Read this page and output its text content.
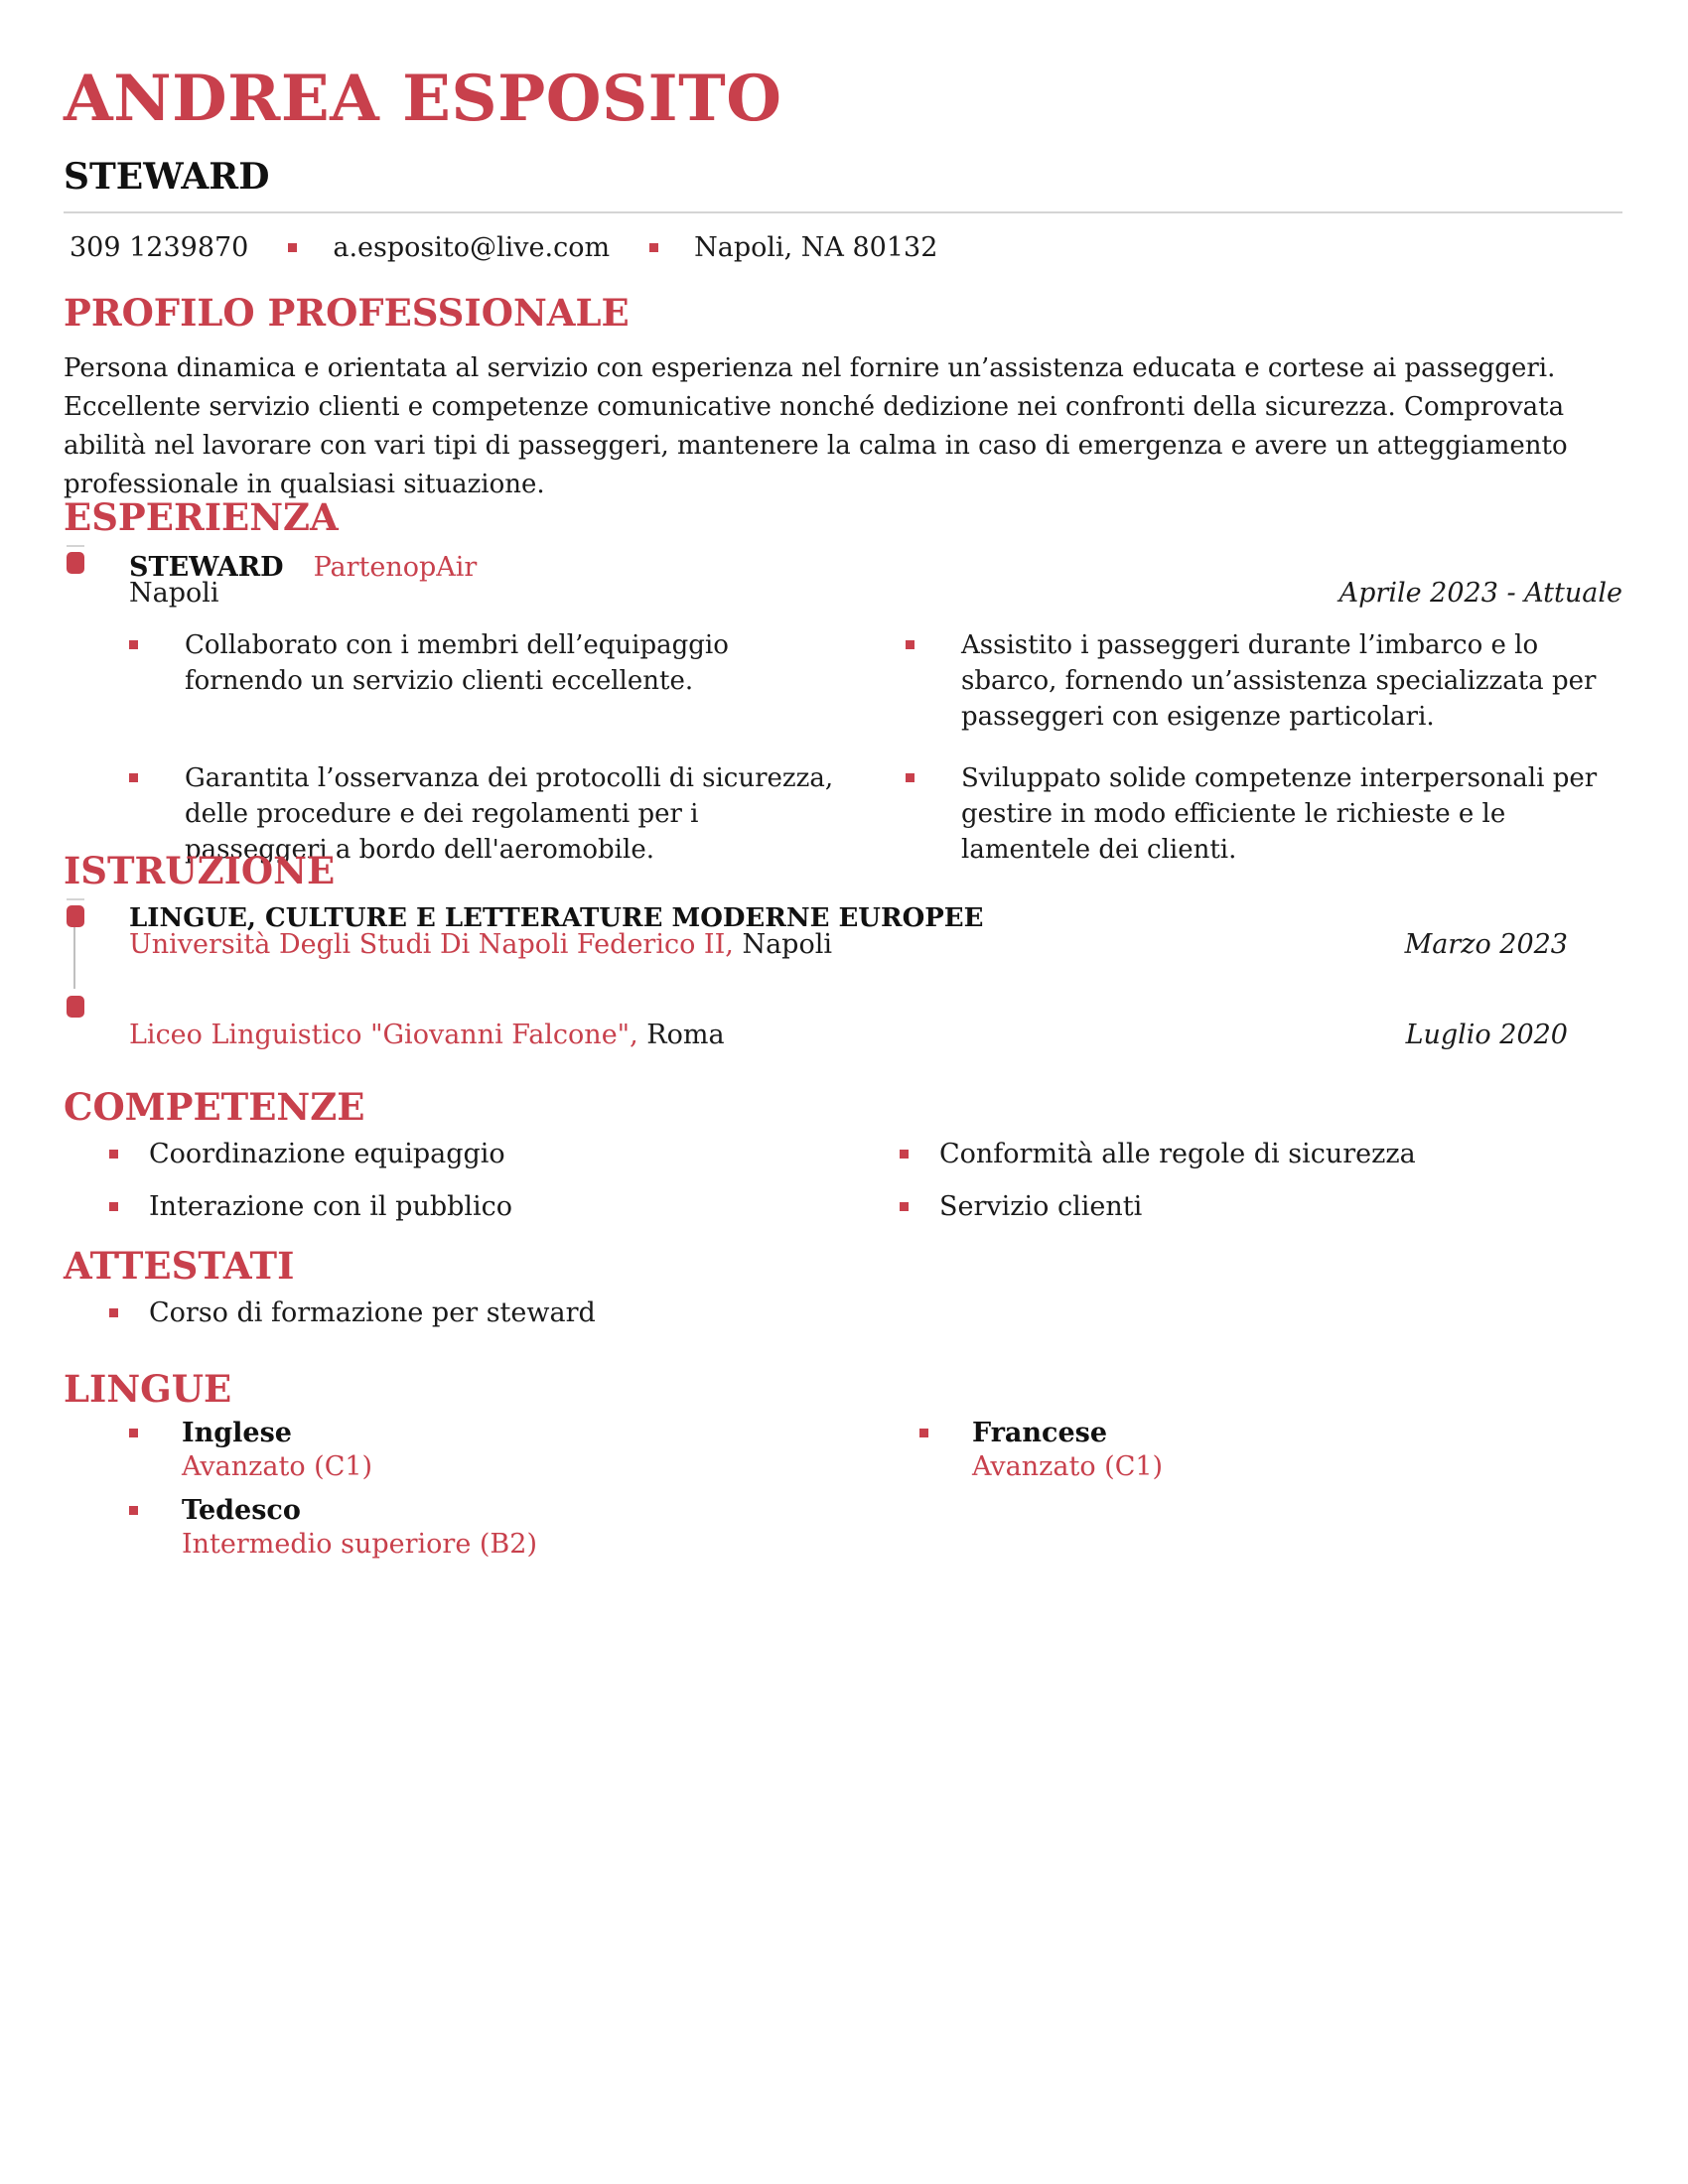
ANDREA ESPOSITO
STEWARD
309 1239870	a.esposito@live.com	Napoli, NA 80132
PROFILO PROFESSIONALE
Persona dinamica e orientata al servizio con esperienza nel fornire un’assistenza educata e cortese ai passeggeri. Eccellente servizio clienti e competenze comunicative nonché dedizione nei confronti della sicurezza. Comprovata abilità nel lavorare con vari tipi di passeggeri, mantenere la calma in caso di emergenza e avere un atteggiamento professionale in qualsiasi situazione.
ESPERIENZA
STEWARD PartenopAir
Napoli	Aprile 2023 - Attuale
Collaborato con i membri dell’equipaggio fornendo un servizio clienti eccellente.
Assistito i passeggeri durante l’imbarco e lo sbarco, fornendo un’assistenza specializzata per passeggeri con esigenze particolari.
Garantita l’osservanza dei protocolli di sicurezza, delle procedure e dei regolamenti per i passeggeri a bordo dell'aeromobile.
Sviluppato solide competenze interpersonali per gestire in modo efficiente le richieste e le lamentele dei clienti.
ISTRUZIONE
LINGUE, CULTURE E LETTERATURE MODERNE EUROPEE
Università Degli Studi Di Napoli Federico II, Napoli	Marzo 2023
Liceo Linguistico "Giovanni Falcone", Roma	Luglio 2020
COMPETENZE
Coordinazione equipaggio	Conformità alle regole di sicurezza
Interazione con il pubblico	Servizio clienti
ATTESTATI
Corso di formazione per steward
LINGUE
Inglese
Avanzato (C1)
Francese
Avanzato (C1)
Tedesco
Intermedio superiore (B2)
